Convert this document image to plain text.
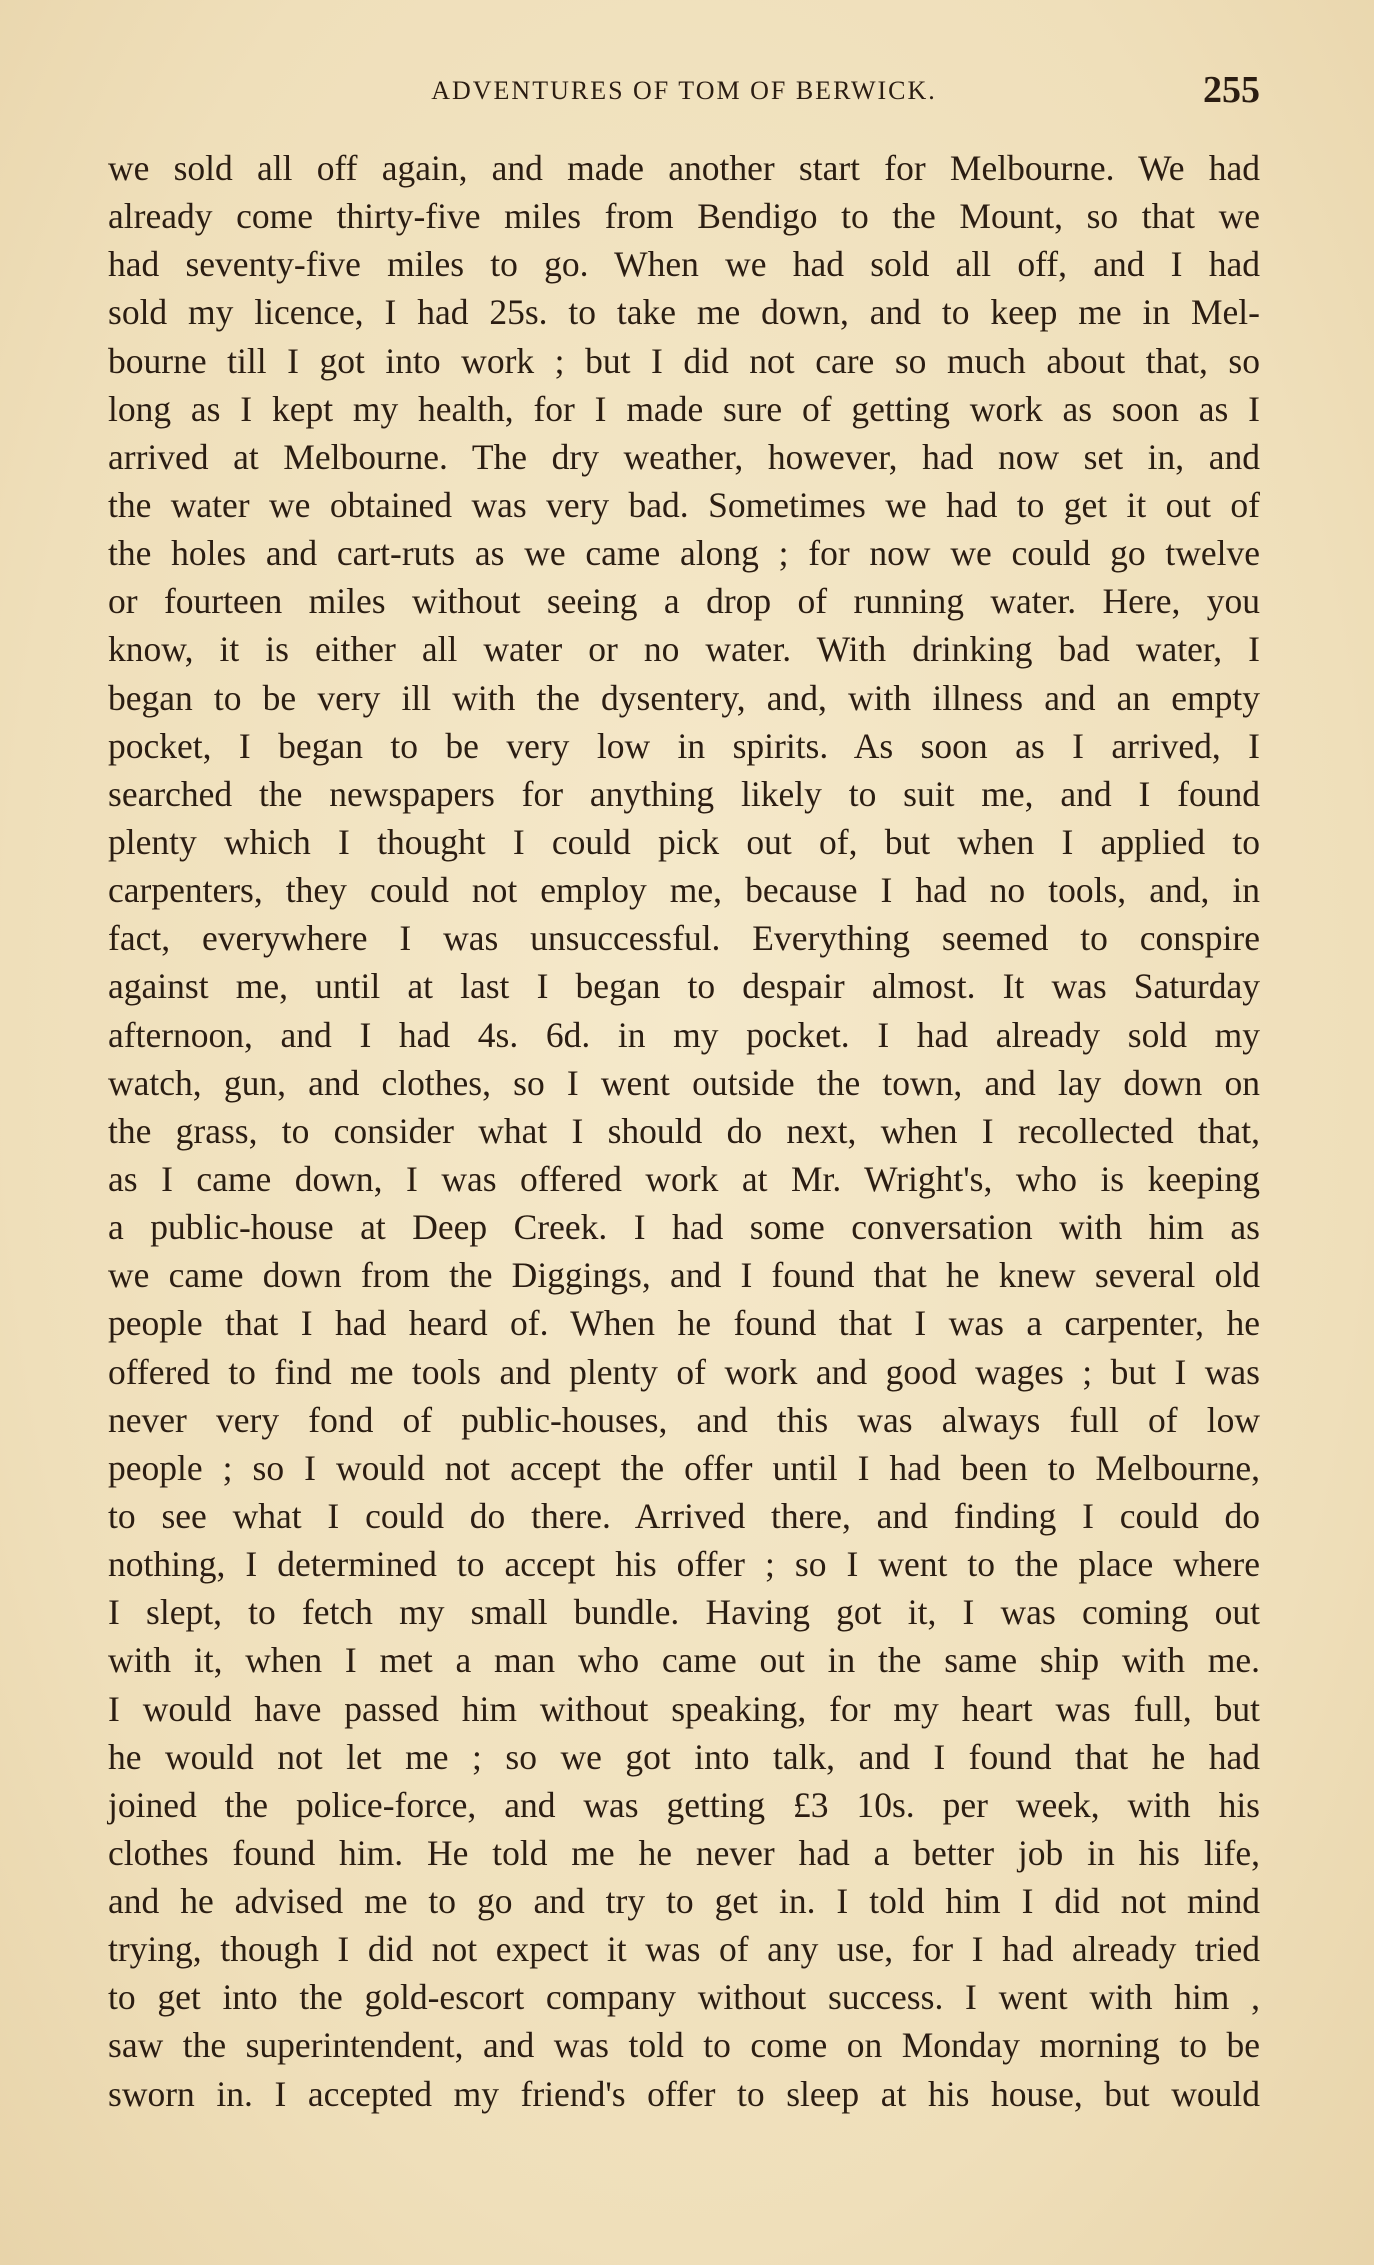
ADVENTURES OF TOM OF BERWICK.	255
we sold all off again, and made another start for Melbourne. We had
already come thirty-five miles from Bendigo to the Mount, so that we
had seventy-five miles to go. When we had sold all off, and I had
sold my licence, I had 25s. to take me down, and to keep me in Mel-
bourne till I got into work ; but I did not care so much about that, so
long as I kept my health, for I made sure of getting work as soon as I
arrived at Melbourne. The dry weather, however, had now set in, and
the water we obtained was very bad. Sometimes we had to get it out of
the holes and cart-ruts as we came along ; for now we could go twelve
or fourteen miles without seeing a drop of running water. Here, you
know, it is either all water or no water. With drinking bad water, I
began to be very ill with the dysentery, and, with illness and an empty
pocket, I began to be very low in spirits. As soon as I arrived, I
searched the newspapers for anything likely to suit me, and I found
plenty which I thought I could pick out of, but when I applied to
carpenters, they could not employ me, because I had no tools, and, in
fact, everywhere I was unsuccessful. Everything seemed to conspire
against me, until at last I began to despair almost. It was Saturday
afternoon, and I had 4s. 6d. in my pocket. I had already sold my
watch, gun, and clothes, so I went outside the town, and lay down on
the grass, to consider what I should do next, when I recollected that,
as I came down, I was offered work at Mr. Wright's, who is keeping
a public-house at Deep Creek. I had some conversation with him as
we came down from the Diggings, and I found that he knew several old
people that I had heard of. When he found that I was a carpenter, he
offered to find me tools and plenty of work and good wages ; but I was
never very fond of public-houses, and this was always full of low
people ; so I would not accept the offer until I had been to Melbourne,
to see what I could do there. Arrived there, and finding I could do
nothing, I determined to accept his offer ; so I went to the place where
I slept, to fetch my small bundle. Having got it, I was coming out
with it, when I met a man who came out in the same ship with me.
I would have passed him without speaking, for my heart was full, but
he would not let me ; so we got into talk, and I found that he had
joined the police-force, and was getting £3 10s. per week, with his
clothes found him. He told me he never had a better job in his life,
and he advised me to go and try to get in. I told him I did not mind
trying, though I did not expect it was of any use, for I had already tried
to get into the gold-escort company without success. I went with him ,
saw the superintendent, and was told to come on Monday morning to be
sworn in. I accepted my friend's offer to sleep at his house, but would
